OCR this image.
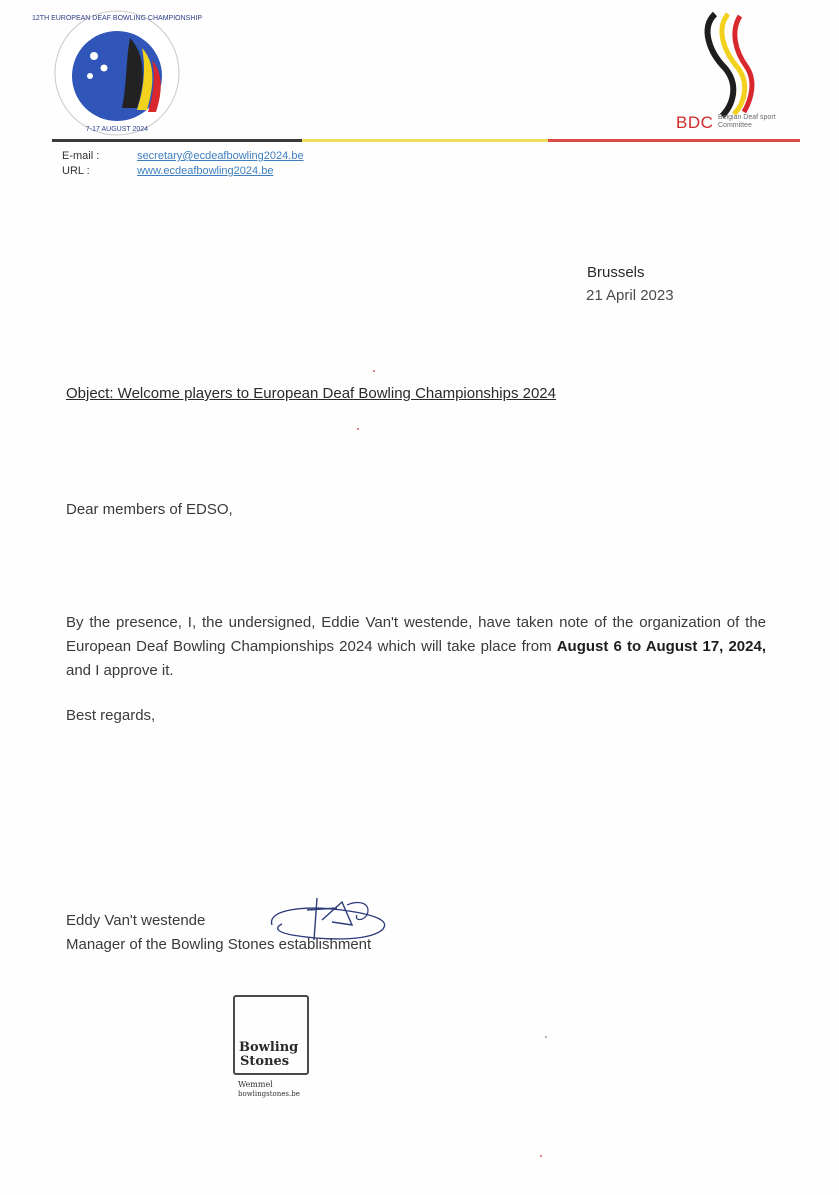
12TH EUROPEAN DEAF BOWLING CHAMPIONSHIP
7-17 AUGUST 2024	BDC Belgian Deaf sport
Committee
E-mail :	secretary@ecdeafbowling2024.be
URL :	www.ecdeafbowling2024.be
Brussels
21 April 2023
Object: Welcome players to European Deaf Bowling Championships 2024
Dear members of EDSO,
By the presence, I, the undersigned, Eddie Van't westende, have taken note of the organization of the European Deaf Bowling Championships 2024 which will take place from August 6 to August 17, 2024, and I approve it.
Best regards,
Eddy Van't westende
Manager of the Bowling Stones establishment
Bowling
Stones
Wemmel
bowlingstones.be
